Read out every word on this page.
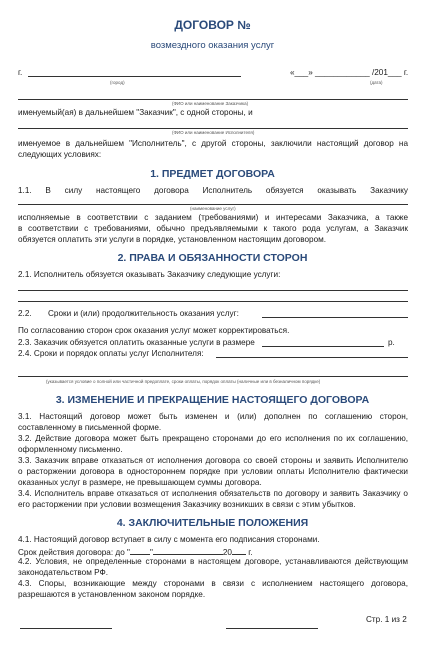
ДОГОВОР №
возмездного оказания услуг
г.
(город)
«___» ____________ /201___ г.
(дата)
(ФИО или наименование Заказчика)
именуемый(ая) в дальнейшем "Заказчик", с одной стороны, и
(ФИО или наименование Исполнителя)
именуемое в дальнейшем "Исполнитель", с другой стороны, заключили настоящий договор на
следующих условиях:
1. ПРЕДМЕТ ДОГОВОРА
1.1. В силу настоящего договора Исполнитель обязуется оказывать Заказчику
(наименование услуг)
исполняемые в соответствии с заданием (требованиями) и интересами Заказчика, а также
в соответствии с требованиями, обычно предъявляемыми к такого рода услугам, а Заказчик
обязуется оплатить эти услуги в порядке, установленном настоящим договором.
2. ПРАВА И ОБЯЗАННОСТИ СТОРОН
2.1. Исполнитель обязуется оказывать Заказчику следующие услуги:
2.2. Сроки и (или) продолжительность оказания услуг:
По согласованию сторон срок оказания услуг может корректироваться.
2.3. Заказчик обязуется оплатить оказанные услуги в размере	р.
2.4. Сроки и порядок оплаты услуг Исполнителя:
(указывается условие о полной или частичной предоплате, сроки оплаты, порядок оплаты (наличные или в безналичном порядке)
3. ИЗМЕНЕНИЕ И ПРЕКРАЩЕНИЕ НАСТОЯЩЕГО ДОГОВОРА
3.1. Настоящий договор может быть изменен и (или) дополнен по соглашению сторон,
составленному в письменной форме.
3.2. Действие договора может быть прекращено сторонами до его исполнения по их соглашению,
оформленному письменно.
3.3. Заказчик вправе отказаться от исполнения договора со своей стороны и заявить Исполнителю
о расторжении договора в одностороннем порядке при условии оплаты Исполнителю фактически
оказанных услуг в размере, не превышающем суммы договора.
3.4. Исполнитель вправе отказаться от исполнения обязательств по договору и заявить Заказчику о
его расторжении при условии возмещения Заказчику возникших в связи с этим убытков.
4. ЗАКЛЮЧИТЕЛЬНЫЕ ПОЛОЖЕНИЯ
4.1. Настоящий договор вступает в силу с момента его подписания сторонами.
Срок действия договора: до " "	20 г.
4.2. Условия, не определенные сторонами в настоящем договоре, устанавливаются действующим
законодательством РФ.
4.3. Споры, возникающие между сторонами в связи с исполнением настоящего договора,
разрешаются в установленном законом порядке.
Стр. 1 из 2
